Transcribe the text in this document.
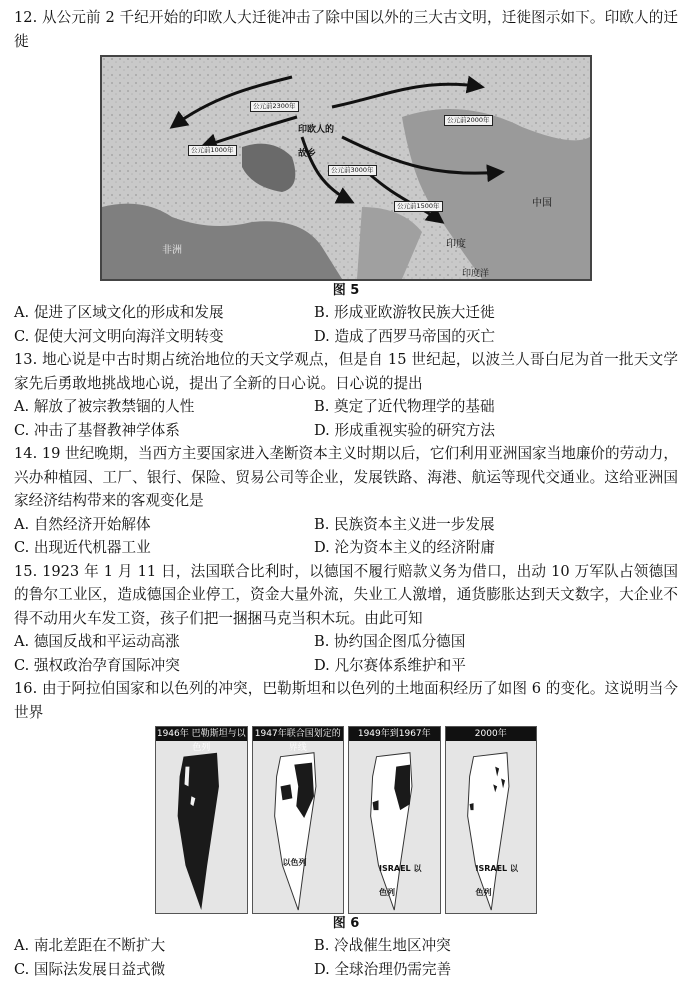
12. 从公元前 2 千纪开始的印欧人大迁徙冲击了除中国以外的三大古文明，迁徙图示如下。印欧人的迁徙

公元前2300年
公元前1000年
公元前3000年
公元前1500年
公元前2000年
印欧人的故乡
中国
印度
非洲
印度洋
图 5
A. 促进了区域文化的形成和发展	B. 形成亚欧游牧民族大迁徙
C. 促使大河文明向海洋文明转变	D. 造成了西罗马帝国的灭亡

13. 地心说是中古时期占统治地位的天文学观点，但是自 15 世纪起，以波兰人哥白尼为首一批天文学家先后勇敢地挑战地心说，提出了全新的日心说。日心说的提出

A. 解放了被宗教禁锢的人性	B. 奠定了近代物理学的基础
C. 冲击了基督教神学体系	D. 形成重视实验的研究方法

14. 19 世纪晚期，当西方主要国家进入垄断资本主义时期以后，它们利用亚洲国家当地廉价的劳动力，兴办种植园、工厂、银行、保险、贸易公司等企业，发展铁路、海港、航运等现代交通业。这给亚洲国家经济结构带来的客观变化是

A. 自然经济开始解体	B. 民族资本主义进一步发展
C. 出现近代机器工业	D. 沦为资本主义的经济附庸

15. 1923 年 1 月 11 日，法国联合比利时，以德国不履行赔款义务为借口，出动 10 万军队占领德国的鲁尔工业区，造成德国企业停工，资金大量外流，失业工人激增，通货膨胀达到天文数字，大企业不得不动用火车发工资，孩子们把一捆捆马克当积木玩。由此可知

A. 德国反战和平运动高涨	B. 协约国企图瓜分德国
C. 强权政治孕育国际冲突	D. 凡尔赛体系维护和平

16. 由于阿拉伯国家和以色列的冲突，巴勒斯坦和以色列的土地面积经历了如图 6 的变化。这说明当今世界

1946年 巴勒斯坦与以色列
1947年联合国划定的界线
以色列
1949年到1967年
ISRAEL 以色列
2000年
ISRAEL 以色列
图 6
A. 南北差距在不断扩大	B. 冷战催生地区冲突
C. 国际法发展日益式微	D. 全球治理仍需完善
